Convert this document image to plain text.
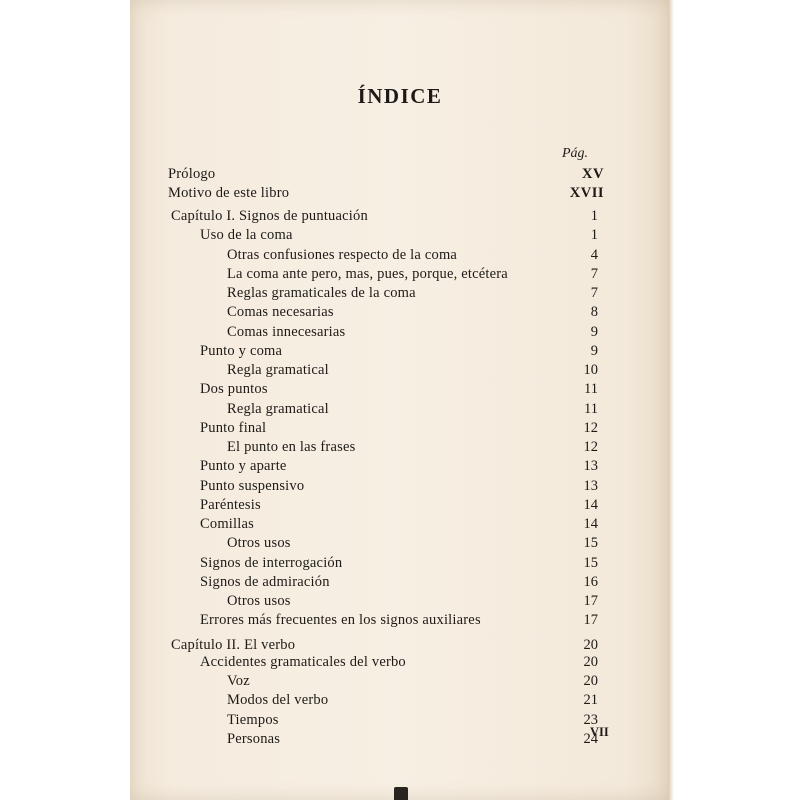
ÍNDICE
Pág.
Prólogo	XV
Motivo de este libro	XVII
Capítulo I. Signos de puntuación	1
Uso de la coma	1
Otras confusiones respecto de la coma	4
La coma ante pero, mas, pues, porque, etcétera	7
Reglas gramaticales de la coma	7
Comas necesarias	8
Comas innecesarias	9
Punto y coma	9
Regla gramatical	10
Dos puntos	11
Regla gramatical	11
Punto final	12
El punto en las frases	12
Punto y aparte	13
Punto suspensivo	13
Paréntesis	14
Comillas	14
Otros usos	15
Signos de interrogación	15
Signos de admiración	16
Otros usos	17
Errores más frecuentes en los signos auxiliares	17
Capítulo II. El verbo	20
Accidentes gramaticales del verbo	20
Voz	20
Modos del verbo	21
Tiempos	23
Personas	24
VII
